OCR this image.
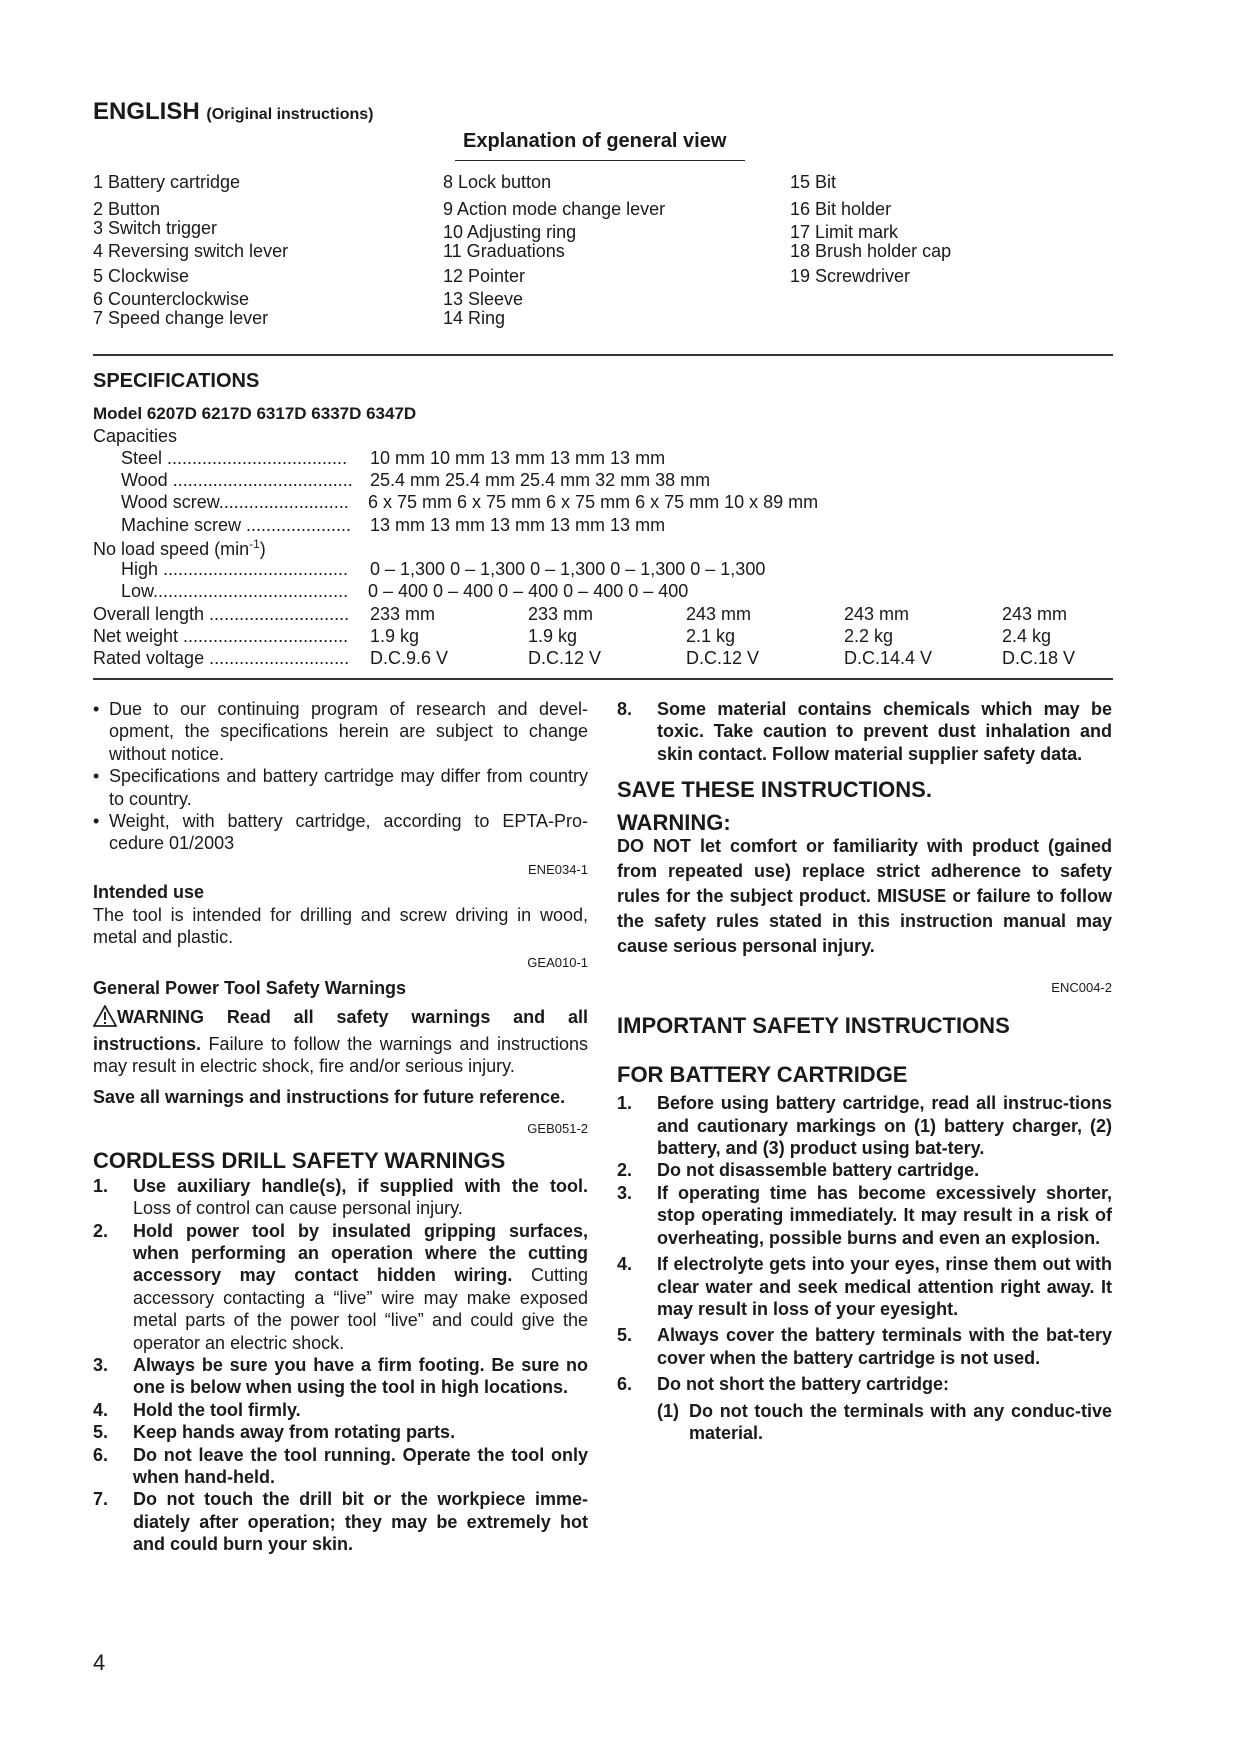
ENGLISH (Original instructions)
Explanation of general view
1 Battery cartridge
2 Button
3 Switch trigger
4 Reversing switch lever
5 Clockwise
6 Counterclockwise
7 Speed change lever
8 Lock button
9 Action mode change lever
10 Adjusting ring
11 Graduations
12 Pointer
13 Sleeve
14 Ring
15 Bit
16 Bit holder
17 Limit mark
18 Brush holder cap
19 Screwdriver
SPECIFICATIONS
Model 6207D 6217D 6317D 6337D 6347D
Capacities
Steel .................................... 10 mm 10 mm 13 mm 13 mm 13 mm
Wood .................................... 25.4 mm 25.4 mm 25.4 mm 32 mm 38 mm
Wood screw.......................... 6 x 75 mm 6 x 75 mm 6 x 75 mm 6 x 75 mm 10 x 89 mm
Machine screw ..................... 13 mm 13 mm 13 mm 13 mm 13 mm
No load speed $(\min^{-1})$
High ..................................... 0 – 1,300 0 – 1,300 0 – 1,300 0 – 1,300 0 – 1,300
Low....................................... 0 – 400 0 – 400 0 – 400 0 – 400 0 – 400
Overall length ............................ 233 mm	233 mm	243 mm	243 mm	243 mm
Net weight ................................. 1.9 kg	1.9 kg	2.1 kg	2.2 kg	2.4 kg
Rated voltage ............................ D.C.9.6 V	D.C.12 V	D.C.12 V	D.C.14.4 V	D.C.18 V
• Due to our continuing program of research and devel-opment, the specifications herein are subject to change without notice.
• Specifications and battery cartridge may differ from country to country.
• Weight, with battery cartridge, according to EPTA-Pro-cedure 01/2003
ENE034-1
Intended use
The tool is intended for drilling and screw driving in wood, metal and plastic.
GEA010-1
General Power Tool Safety Warnings
WARNING Read all safety warnings and all instructions. Failure to follow the warnings and instructions may result in electric shock, fire and/or serious injury.
Save all warnings and instructions for future reference.
GEB051-2
CORDLESS DRILL SAFETY WARNINGS
1.	Use auxiliary handle(s), if supplied with the tool. Loss of control can cause personal injury.
2.	Hold power tool by insulated gripping surfaces, when performing an operation where the cutting accessory may contact hidden wiring. Cutting accessory contacting a “live” wire may make exposed metal parts of the power tool “live” and could give the operator an electric shock.
3.	Always be sure you have a firm footing. Be sure no one is below when using the tool in high locations.
4.	Hold the tool firmly.
5.	Keep hands away from rotating parts.
6.	Do not leave the tool running. Operate the tool only when hand-held.
7.	Do not touch the drill bit or the workpiece imme-diately after operation; they may be extremely hot and could burn your skin.
8.	Some material contains chemicals which may be toxic. Take caution to prevent dust inhalation and skin contact. Follow material supplier safety data.
SAVE THESE INSTRUCTIONS.
WARNING:
DO NOT let comfort or familiarity with product (gained from repeated use) replace strict adherence to safety rules for the subject product. MISUSE or failure to follow the safety rules stated in this instruction manual may cause serious personal injury.
ENC004-2
IMPORTANT SAFETY INSTRUCTIONS
FOR BATTERY CARTRIDGE
1.	Before using battery cartridge, read all instruc-tions and cautionary markings on (1) battery charger, (2) battery, and (3) product using bat-tery.
2.	Do not disassemble battery cartridge.
3.	If operating time has become excessively shorter, stop operating immediately. It may result in a risk of overheating, possible burns and even an explosion.
4.	If electrolyte gets into your eyes, rinse them out with clear water and seek medical attention right away. It may result in loss of your eyesight.
5.	Always cover the battery terminals with the bat-tery cover when the battery cartridge is not used.
6.	Do not short the battery cartridge:
(1) Do not touch the terminals with any conduc-tive material.
4
